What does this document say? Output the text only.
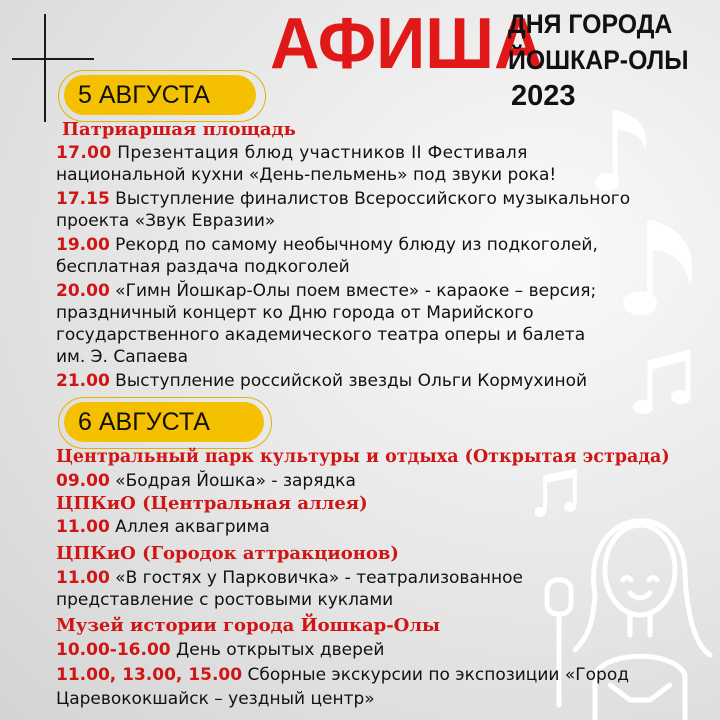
АФИША
ДНЯ ГОРОДА
ЙОШКАР-ОЛЫ
2023
5 АВГУСТА
Патриаршая площадь
17.00 Презентация блюд участников II Фестиваля
национальной кухни «День-пельмень» под звуки рока!
17.15 Выступление финалистов Всероссийского музыкального
проекта «Звук Евразии»
19.00 Рекорд по самому необычному блюду из подкоголей,
бесплатная раздача подкоголей
20.00 «Гимн Йошкар-Олы поем вместе» - караоке – версия;
праздничный концерт ко Дню города от Марийского
государственного академического театра оперы и балета
им. Э. Сапаева
21.00 Выступление российской звезды Ольги Кормухиной
6 АВГУСТА
Центральный парк культуры и отдыха (Открытая эстрада)
09.00 «Бодрая Йошка» - зарядка
ЦПКиО (Центральная аллея)
11.00 Аллея аквагрима
ЦПКиО (Городок аттракционов)
11.00 «В гостях у Парковичка» - театрализованное
представление с ростовыми куклами
Музей истории города Йошкар-Олы
10.00-16.00 День открытых дверей
11.00, 13.00, 15.00 Сборные экскурсии по экспозиции «Город
Царевококшайск – уездный центр»
